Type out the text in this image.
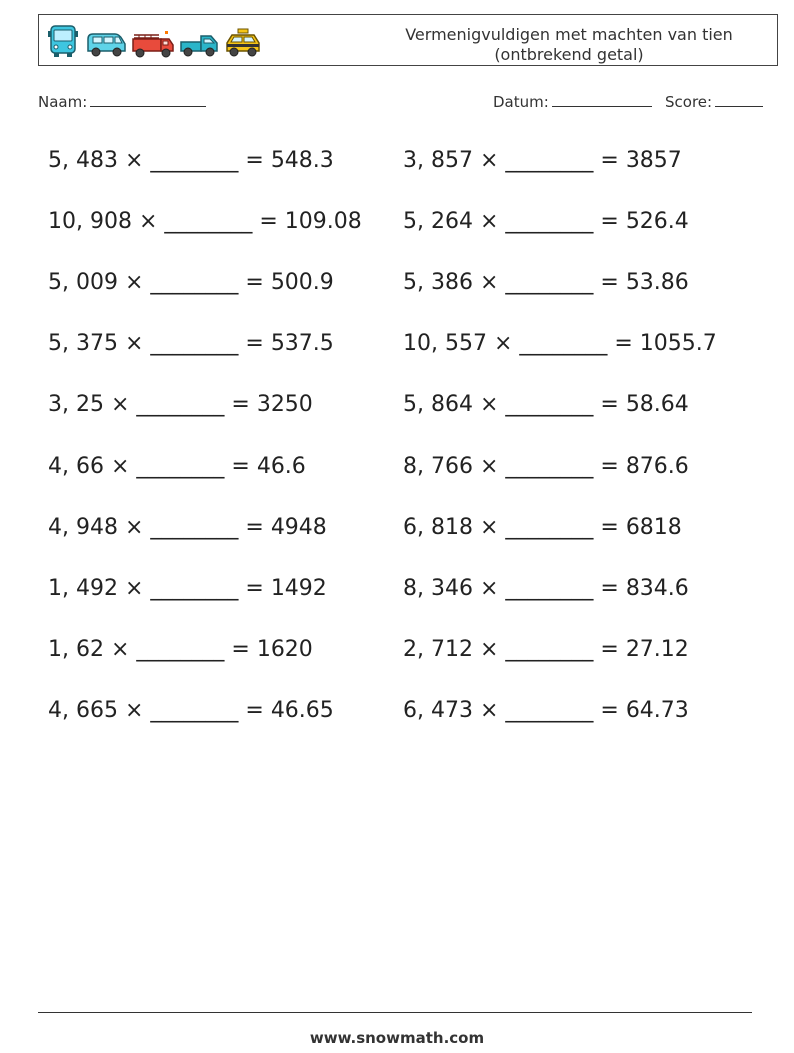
Vermenigvuldigen met machten van tien
(ontbrekend getal)
Naam:	Datum:	Score:
5, 483 × ________ = 548.3
10, 908 × ________ = 109.08
5, 009 × ________ = 500.9
5, 375 × ________ = 537.5
3, 25 × ________ = 3250
4, 66 × ________ = 46.6
4, 948 × ________ = 4948
1, 492 × ________ = 1492
1, 62 × ________ = 1620
4, 665 × ________ = 46.65
3, 857 × ________ = 3857
5, 264 × ________ = 526.4
5, 386 × ________ = 53.86
10, 557 × ________ = 1055.7
5, 864 × ________ = 58.64
8, 766 × ________ = 876.6
6, 818 × ________ = 6818
8, 346 × ________ = 834.6
2, 712 × ________ = 27.12
6, 473 × ________ = 64.73
www.snowmath.com
